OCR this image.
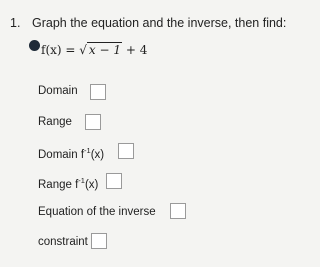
1. Graph the equation and the inverse, then find:
f(x) = √ x − 1 + 4
Domain
Range
Domain $f^{-1}(x)$
Range $f^{-1}(x)$
Equation of the inverse
constraint
